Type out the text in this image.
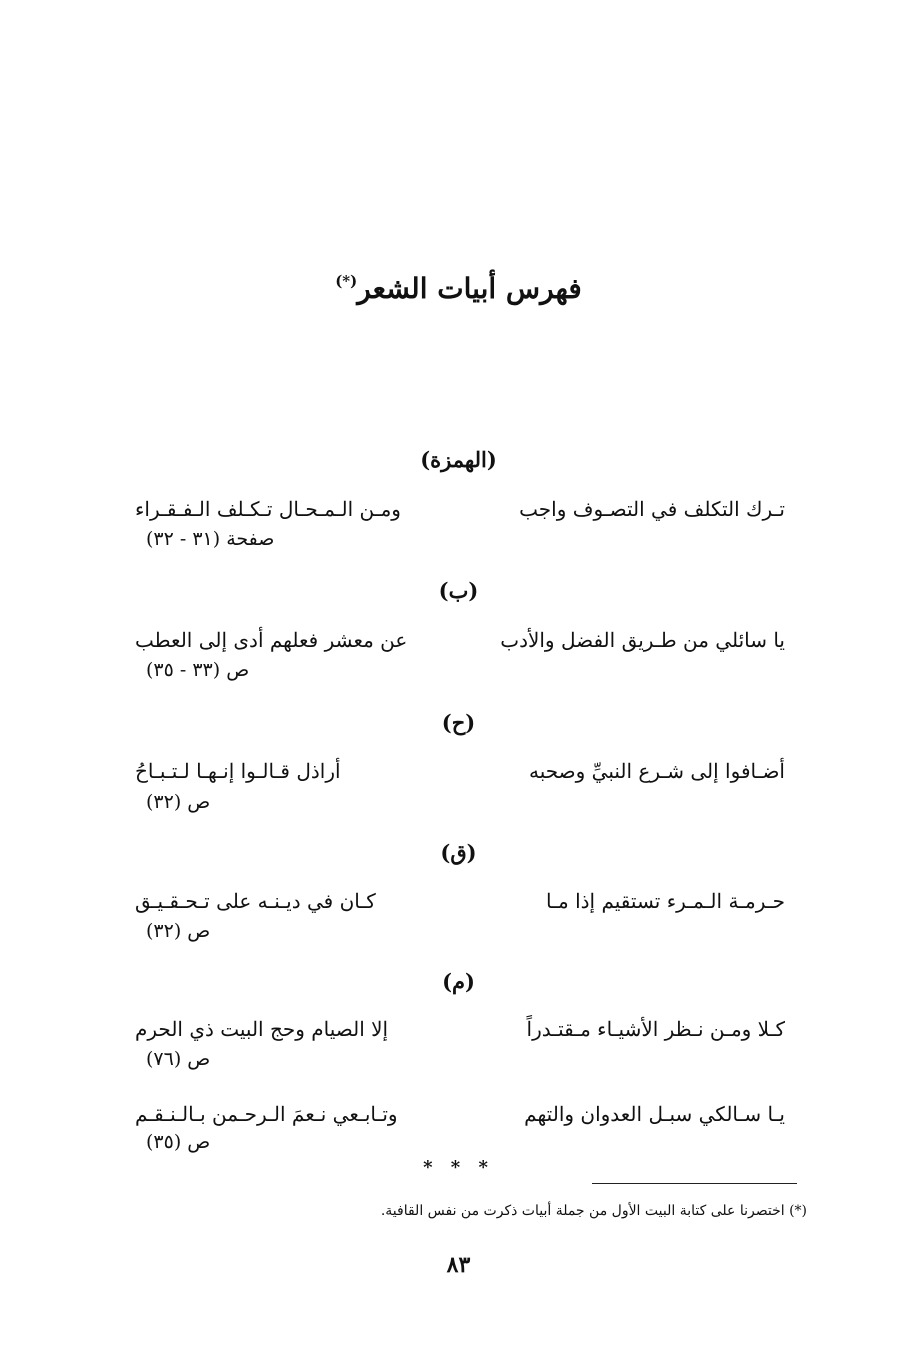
فهرس أبيات الشعر(*)
(الهمزة)
تـرك التكلف في التصـوف واجب
ومـن الـمـحـال تـكـلف الـفـقـراء
صفحة (٣١ - ٣٢)
(ب)
يا سائلي من طـريق الفضل والأدب
عن معشر فعلهم أدى إلى العطب
ص (٣٣ - ٣٥)
(ح)
أضـافوا إلى شـرع النبيِّ وصحبه
أراذل قـالـوا إنـهـا لـتـبـاحُ
ص (٣٢)
(ق)
حـرمـة الـمـرء تستقيم إذا مـا
كـان في ديـنـه على تـحـقـيـق
ص (٣٢)
(م)
كـلا ومـن نـظر الأشيـاء مـقتـدراً
إلا الصيام وحج البيت ذي الحرم
ص (٧٦)
يـا سـالكي سبـل العدوان والتهم
وتـابـعي نـعمَ الـرحـمن بـالـنـقـم
ص (٣٥)
* * *
(*) اختصرنا على كتابة البيت الأول من جملة أبيات ذكرت من نفس القافية.
٨٣
